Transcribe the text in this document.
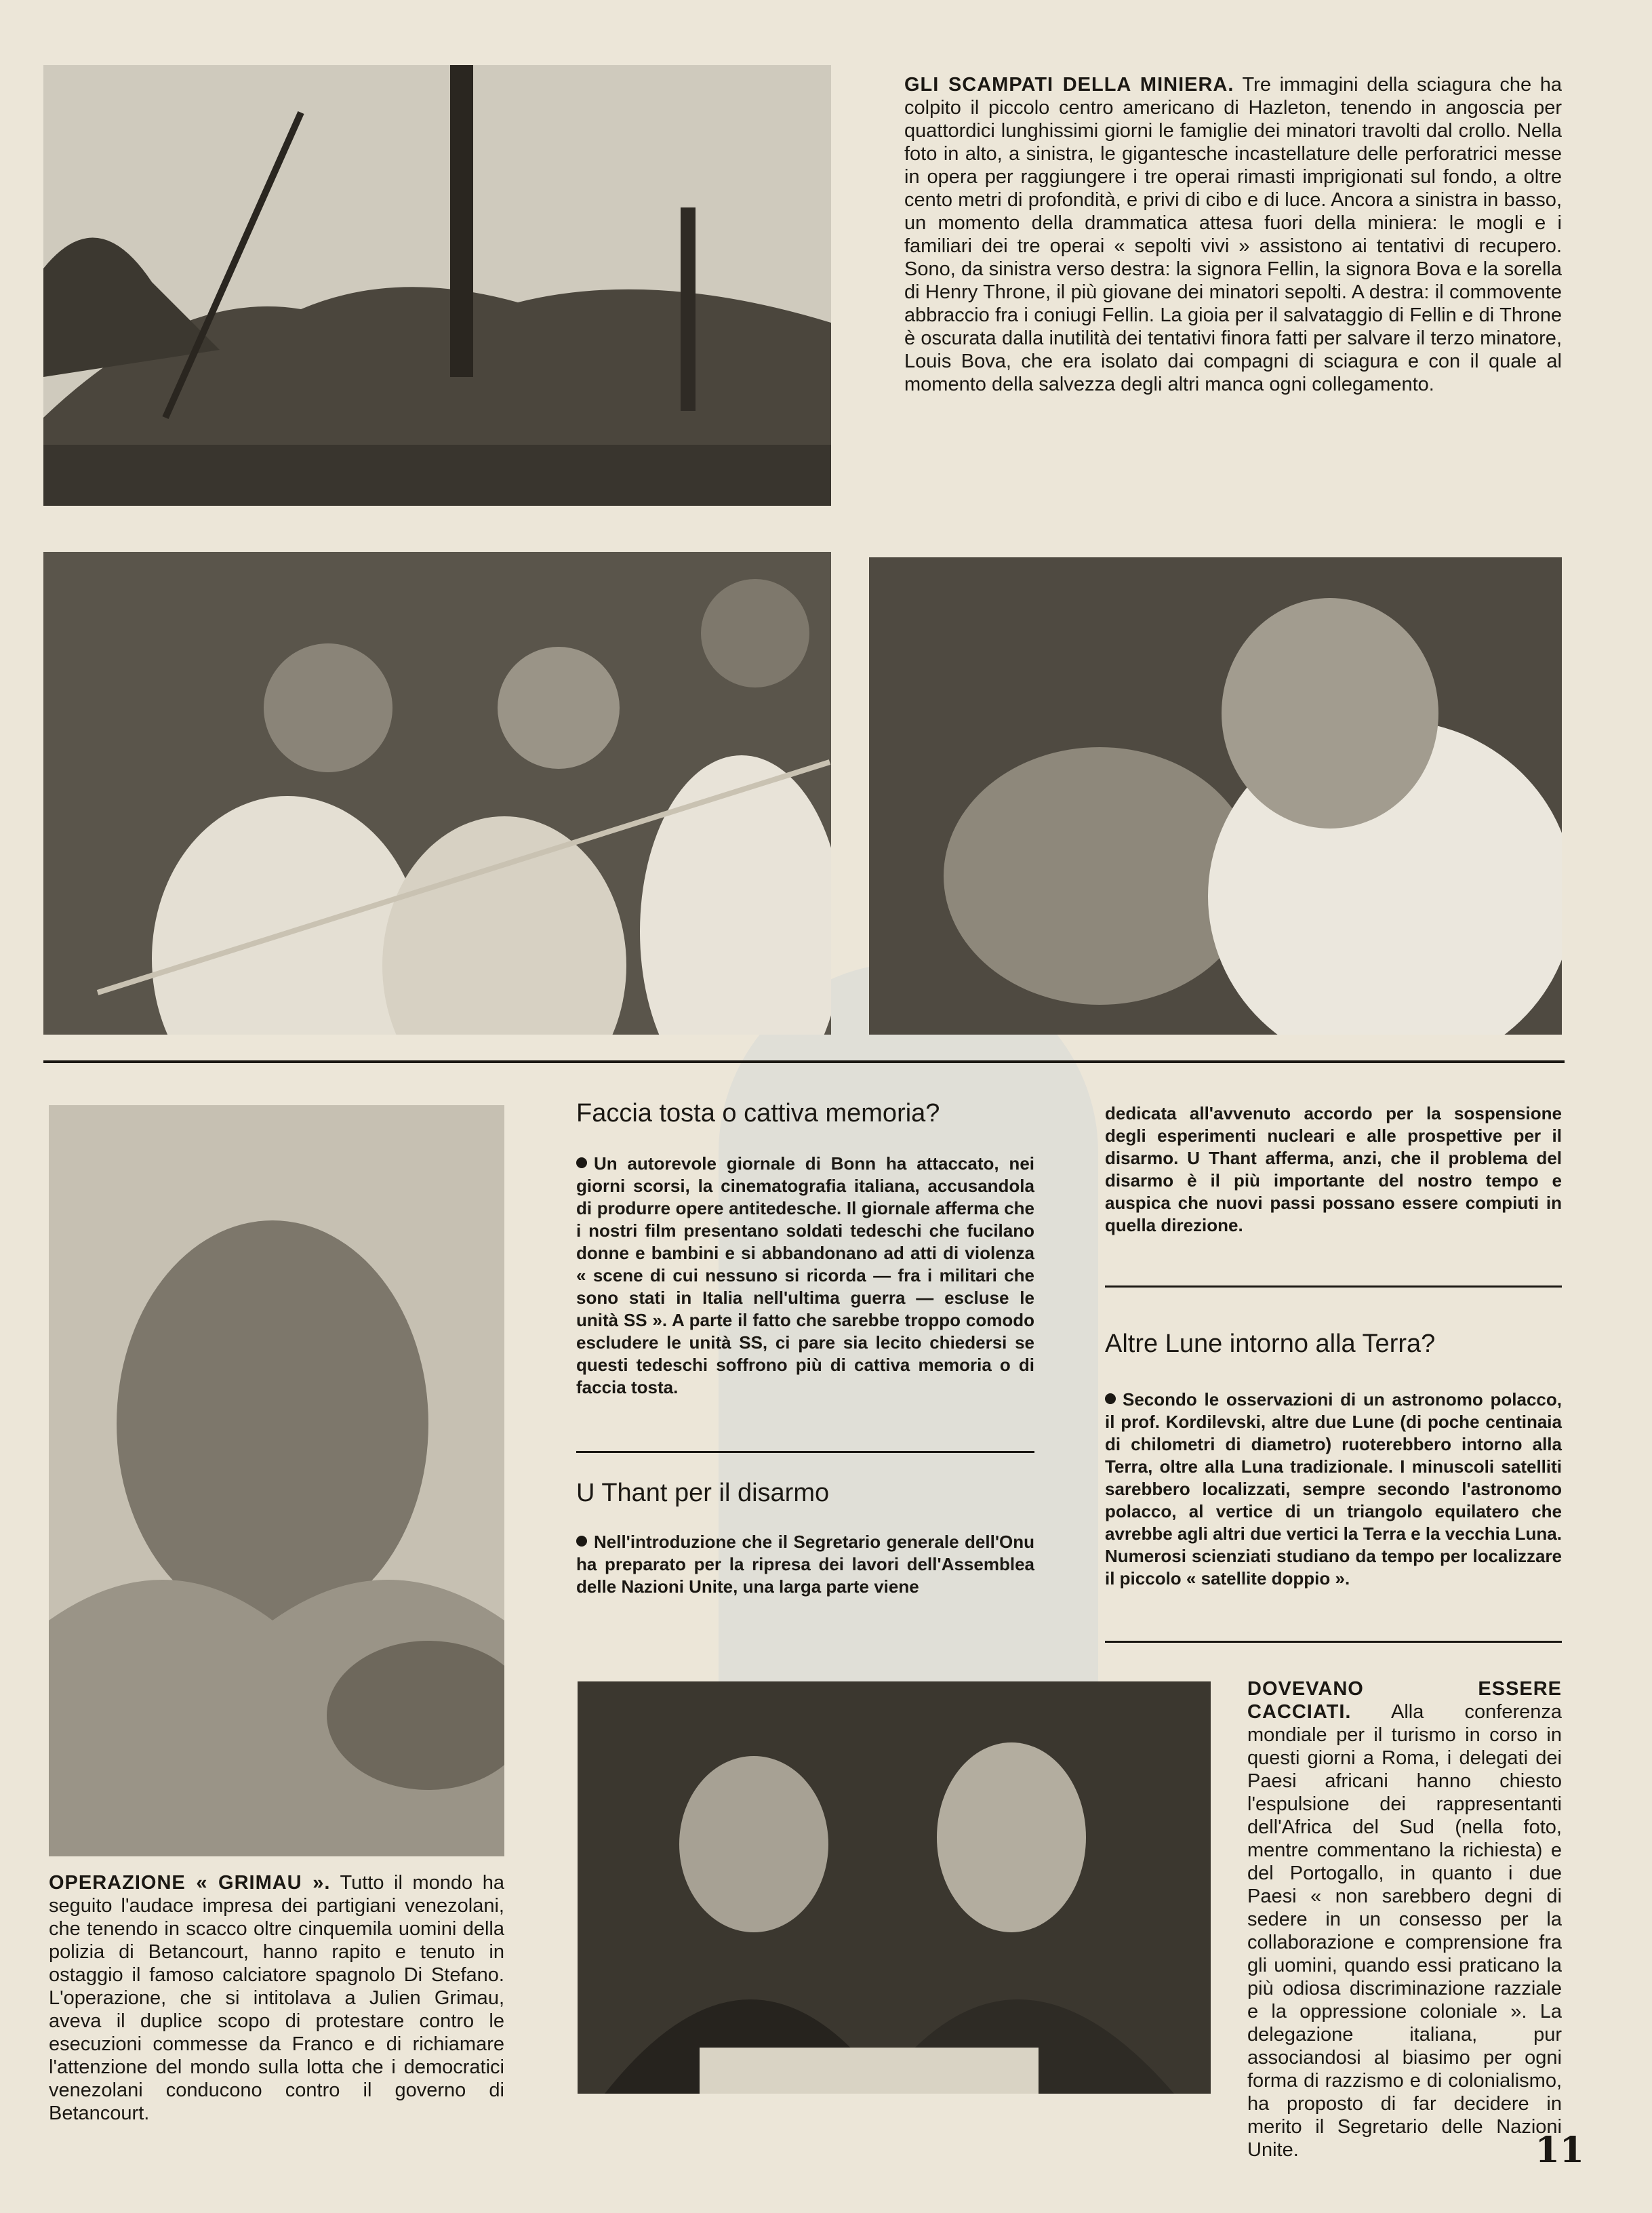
GLI SCAMPATI DELLA MINIERA. Tre immagini della sciagura che ha colpito il piccolo centro americano di Hazleton, tenendo in angoscia per quattordici lunghissimi giorni le famiglie dei minatori travolti dal crollo. Nella foto in alto, a sinistra, le gigantesche incastellature delle perforatrici messe in opera per raggiungere i tre operai rimasti imprigionati sul fondo, a oltre cento metri di profondità, e privi di cibo e di luce. Ancora a sinistra in basso, un momento della drammatica attesa fuori della miniera: le mogli e i familiari dei tre operai « sepolti vivi » assistono ai tentativi di recupero. Sono, da sinistra verso destra: la signora Fellin, la signora Bova e la sorella di Henry Throne, il più giovane dei minatori sepolti. A destra: il commovente abbraccio fra i coniugi Fellin. La gioia per il salvataggio di Fellin e di Throne è oscurata dalla inutilità dei tentativi finora fatti per salvare il terzo minatore, Louis Bova, che era isolato dai compagni di sciagura e con il quale al momento della salvezza degli altri manca ogni collegamento.
OPERAZIONE « GRIMAU ». Tutto il mondo ha seguito l'audace impresa dei partigiani venezolani, che tenendo in scacco oltre cinquemila uomini della polizia di Betancourt, hanno rapito e tenuto in ostaggio il famoso calciatore spagnolo Di Stefano. L'operazione, che si intitolava a Julien Grimau, aveva il duplice scopo di protestare contro le esecuzioni commesse da Franco e di richiamare l'attenzione del mondo sulla lotta che i democratici venezolani conducono contro il governo di Betancourt.
Faccia tosta o cattiva memoria?
Un autorevole giornale di Bonn ha attaccato, nei giorni scorsi, la cinematografia italiana, accusandola di produrre opere antitedesche. Il giornale afferma che i nostri film presentano soldati tedeschi che fucilano donne e bambini e si abbandonano ad atti di violenza « scene di cui nessuno si ricorda — fra i militari che sono stati in Italia nell'ultima guerra — escluse le unità SS ». A parte il fatto che sarebbe troppo comodo escludere le unità SS, ci pare sia lecito chiedersi se questi tedeschi soffrono più di cattiva memoria o di faccia tosta.
U Thant per il disarmo
Nell'introduzione che il Segretario generale dell'Onu ha preparato per la ripresa dei lavori dell'Assemblea delle Nazioni Unite, una larga parte viene
dedicata all'avvenuto accordo per la sospensione degli esperimenti nucleari e alle prospettive per il disarmo. U Thant afferma, anzi, che il problema del disarmo è il più importante del nostro tempo e auspica che nuovi passi possano essere compiuti in quella direzione.
Altre Lune intorno alla Terra?
Secondo le osservazioni di un astronomo polacco, il prof. Kordilevski, altre due Lune (di poche centinaia di chilometri di diametro) ruoterebbero intorno alla Terra, oltre alla Luna tradizionale. I minuscoli satelliti sarebbero localizzati, sempre secondo l'astronomo polacco, al vertice di un triangolo equilatero che avrebbe agli altri due vertici la Terra e la vecchia Luna. Numerosi scienziati studiano da tempo per localizzare il piccolo « satellite doppio ».
DOVEVANO ESSERE CACCIATI. Alla conferenza mondiale per il turismo in corso in questi giorni a Roma, i delegati dei Paesi africani hanno chiesto l'espulsione dei rappresentanti dell'Africa del Sud (nella foto, mentre commentano la richiesta) e del Portogallo, in quanto i due Paesi « non sarebbero degni di sedere in un consesso per la collaborazione e comprensione fra gli uomini, quando essi praticano la più odiosa discriminazione razziale e la oppressione coloniale ». La delegazione italiana, pur associandosi al biasimo per ogni forma di razzismo e di colonialismo, ha proposto di far decidere in merito il Segretario delle Nazioni Unite.	11
